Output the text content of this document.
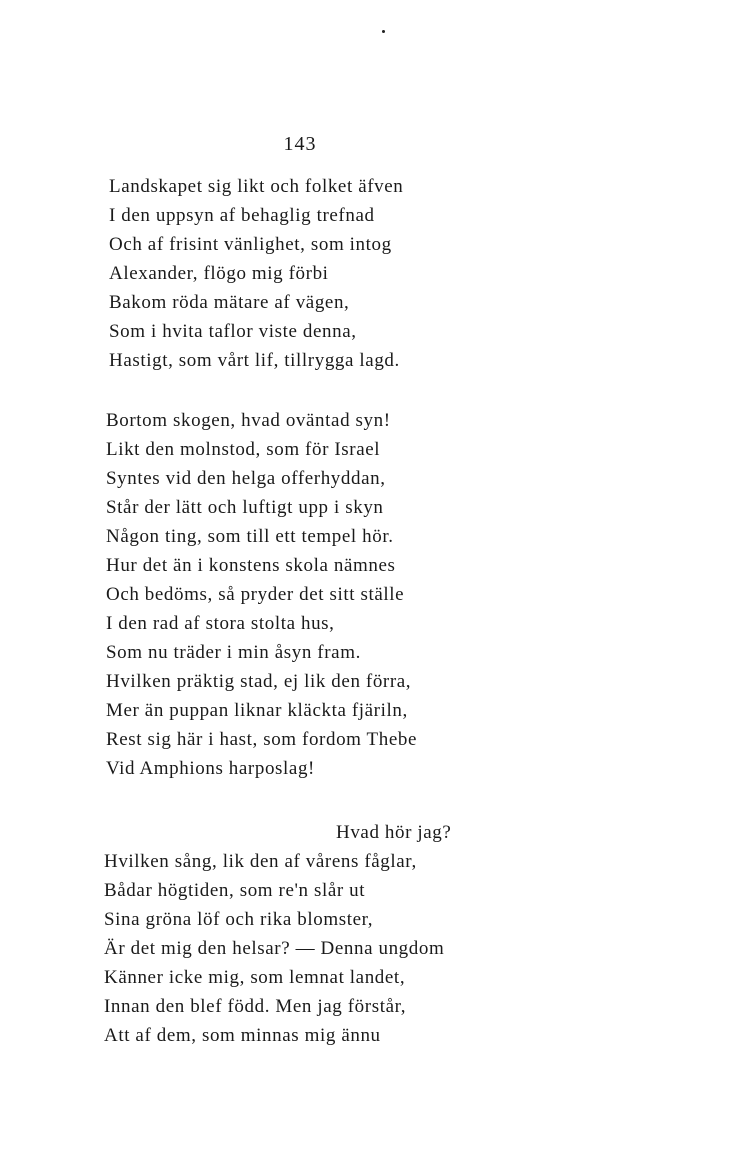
143
Landskapet sig likt och folket äfven
I den uppsyn af behaglig trefnad
Och af frisint vänlighet, som intog
Alexander, flögo mig förbi
Bakom röda mätare af vägen,
Som i hvita taflor viste denna,
Hastigt, som vårt lif, tillrygga lagd.
Bortom skogen, hvad oväntad syn!
Likt den molnstod, som för Israel
Syntes vid den helga offerhyddan,
Står der lätt och luftigt upp i skyn
Någon ting, som till ett tempel hör.
Hur det än i konstens skola nämnes
Och bedöms, så pryder det sitt ställe
I den rad af stora stolta hus,
Som nu träder i min åsyn fram.
Hvilken präktig stad, ej lik den förra,
Mer än puppan liknar kläckta fjäriln,
Rest sig här i hast, som fordom Thebe
Vid Amphions harposlag!
Hvad hör jag?
Hvilken sång, lik den af vårens fåglar,
Bådar högtiden, som re'n slår ut
Sina gröna löf och rika blomster,
Är det mig den helsar? — Denna ungdom
Känner icke mig, som lemnat landet,
Innan den blef född. Men jag förstår,
Att af dem, som minnas mig ännu
